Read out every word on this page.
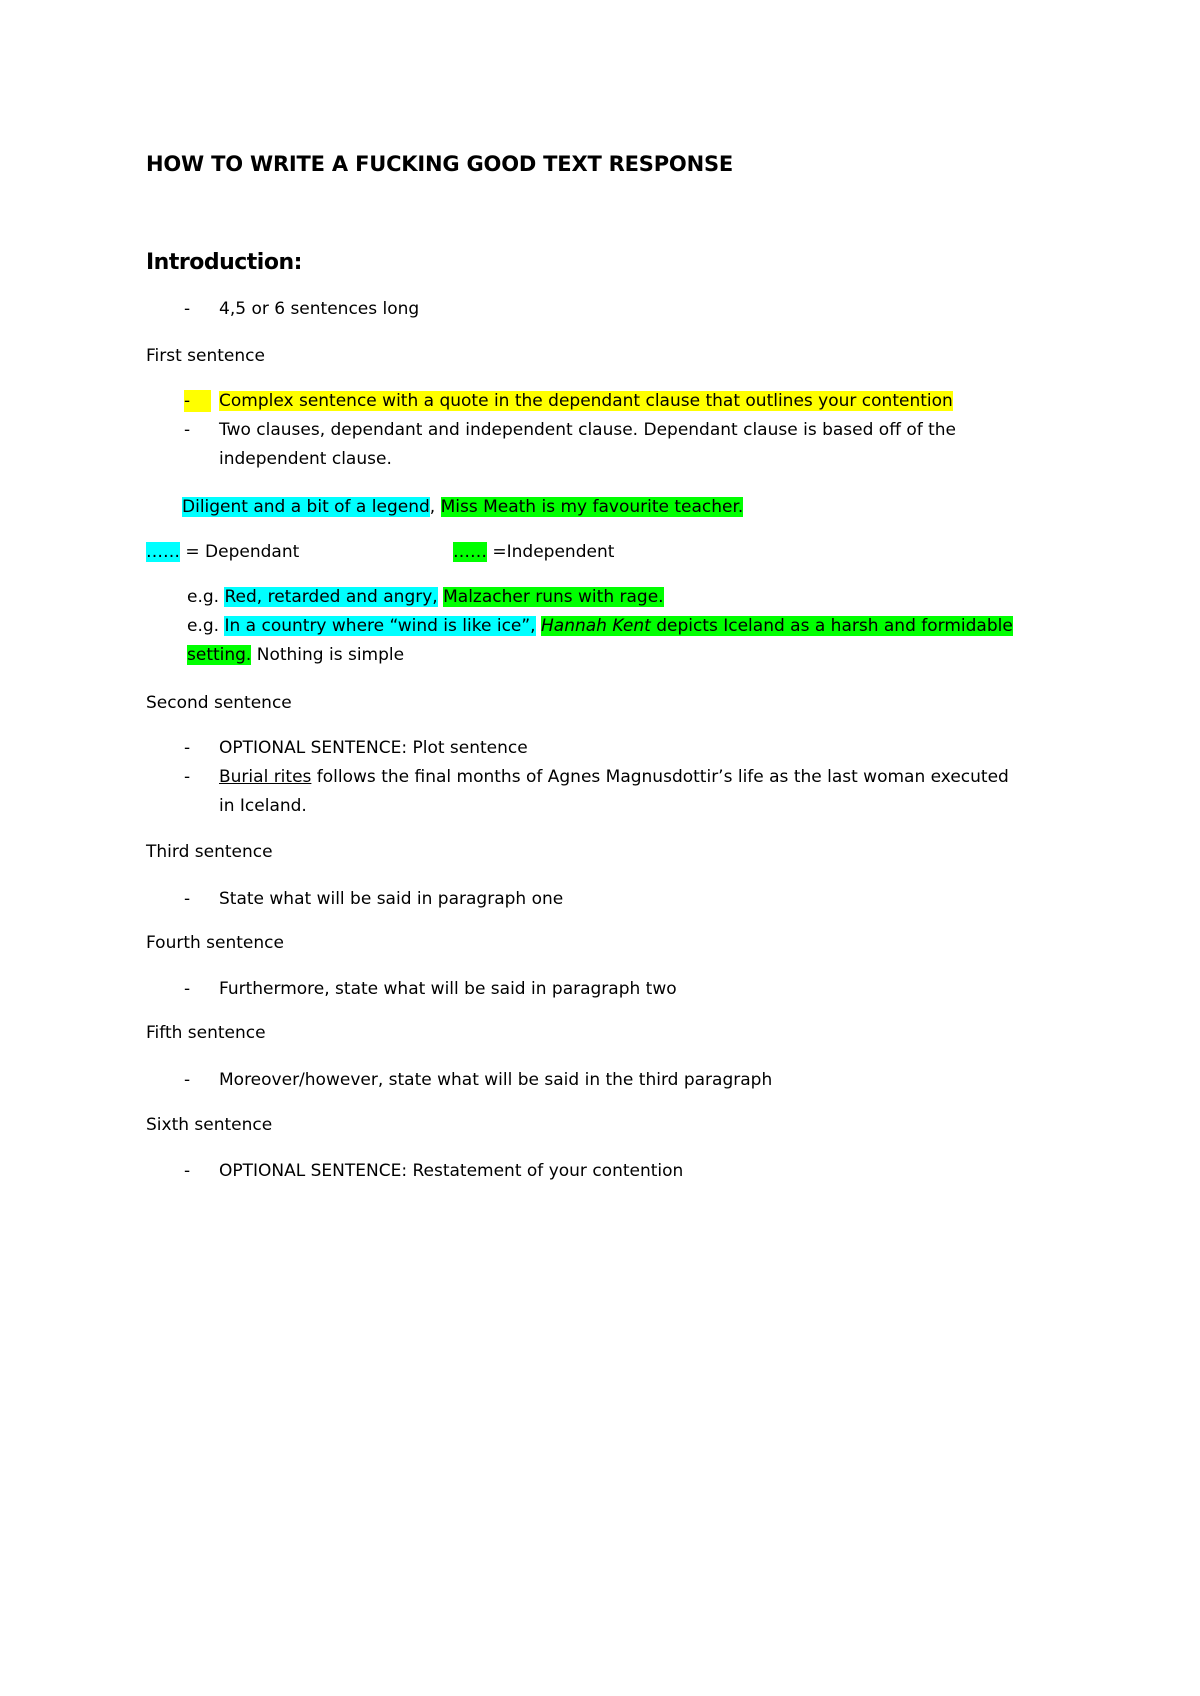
HOW TO WRITE A FUCKING GOOD TEXT RESPONSE
Introduction:
- 4,5 or 6 sentences long
First sentence
-	Complex sentence with a quote in the dependant clause that outlines your contention
- Two clauses, dependant and independent clause. Dependant clause is based off of the
independent clause.
Diligent and a bit of a legend, Miss Meath is my favourite teacher.
…… = Dependant	…… =Independent
e.g. Red, retarded and angry, Malzacher runs with rage.
e.g. In a country where “wind is like ice”, Hannah Kent depicts Iceland as a harsh and formidable
setting. Nothing is simple
Second sentence
- OPTIONAL SENTENCE: Plot sentence
- Burial rites follows the final months of Agnes Magnusdottir’s life as the last woman executed
in Iceland.
Third sentence
- State what will be said in paragraph one
Fourth sentence
- Furthermore, state what will be said in paragraph two
Fifth sentence
- Moreover/however, state what will be said in the third paragraph
Sixth sentence
- OPTIONAL SENTENCE: Restatement of your contention
